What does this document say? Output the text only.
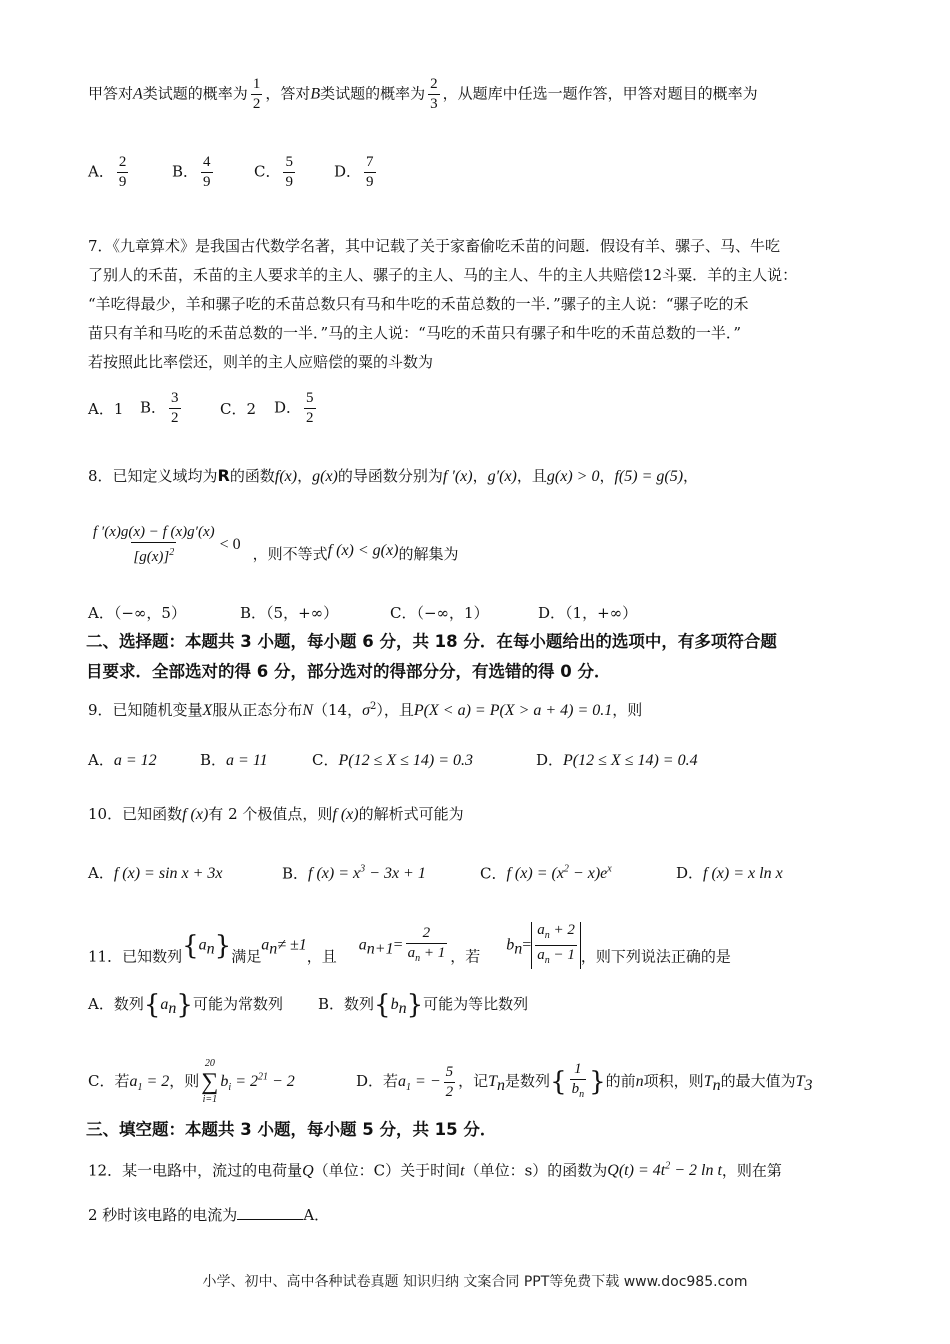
甲答对A类试题的概率为 $\frac{1}{2}$ ，答对B类试题的概率为 $\frac{2}{3}$ ，从题库中任选一题作答，甲答对题目的概率为
A． $\frac{2}{9}$	B． $\frac{4}{9}$	C． $\frac{5}{9}$	D． $\frac{7}{9}$
7．《九章算术》是我国古代数学名著，其中记载了关于家畜偷吃禾苗的问题．假设有羊、骡子、马、牛吃
了别人的禾苗，禾苗的主人要求羊的主人、骡子的主人、马的主人、牛的主人共赔偿12斗粟．羊的主人说：
“羊吃得最少，羊和骡子吃的禾苗总数只有马和牛吃的禾苗总数的一半．”骡子的主人说：“骡子吃的禾
苗只有羊和马吃的禾苗总数的一半．”马的主人说：“马吃的禾苗只有骡子和牛吃的禾苗总数的一半．”
若按照此比率偿还，则羊的主人应赔偿的粟的斗数为
A．1 B． $\frac{3}{2}$	C．2 D． $\frac{5}{2}$
8．已知定义域均为R的函数f(x)，g(x)的导函数分别为f ′(x)，g′(x)，且g(x) > 0，f(5) = g(5)，
$\frac{f '(x)g(x) - f (x)g'(x)}{[g(x)]^2} < 0$，则不等式f (x) < g(x)的解集为
A．（−∞，5）	B．（5，+∞）	C．（−∞，1）	D．（1，+∞）
二、选择题：本题共 3 小题，每小题 6 分，共 18 分．在每小题给出的选项中，有多项符合题
目要求．全部选对的得 6 分，部分选对的得部分分，有选错的得 0 分．
9．已知随机变量X服从正态分布N（14，$\sigma^2$），且P(X < a) = P(X > a + 4) = 0.1，则
A．a = 12	B．a = 11	C．P(12 ≤ X ≤ 14) = 0.3	D．P(12 ≤ X ≤ 14) = 0.4
10．已知函数f (x)有 2 个极值点，则f (x)的解析式可能为
A．f (x) = sin x + 3x	B．f $(x) = x^3 - 3x + 1$	C．f $(x) = (x^2 - x)e^x$	D．f (x) = x ln x
11．已知数列$\{a_n\}$满足$a_n\ne \pm 1$，且$a_{n+1}= \frac{2}{a_n + 1}$ ，若$b_n= \frac{a_n + 2}{a_n - 1}$ ，则下列说法正确的是
A．数列$\{a_n\}$可能为常数列 B．数列$\{b_n\}$可能为等比数列
C．若$a_1 = 2$，则
20
∑
i=1
$b_i = 2^{21} - 2$	D．若$a_1$ = − $\frac{5}{2}$ ，记$T_n$是数列{ $\frac{1}{b_n}$ }的前n项积，则$T_n$的最大值为$T_3$
三、填空题：本题共 3 小题，每小题 5 分，共 15 分．
12．某一电路中，流过的电荷量Q（单位：C）关于时间t（单位：s）的函数为$Q(t) = 4t^2 - 2$ ln t，则在第
2 秒时该电路的电流为	A．
小学、初中、高中各种试卷真题 知识归纳 文案合同 PPT等免费下载 www.doc985.com
